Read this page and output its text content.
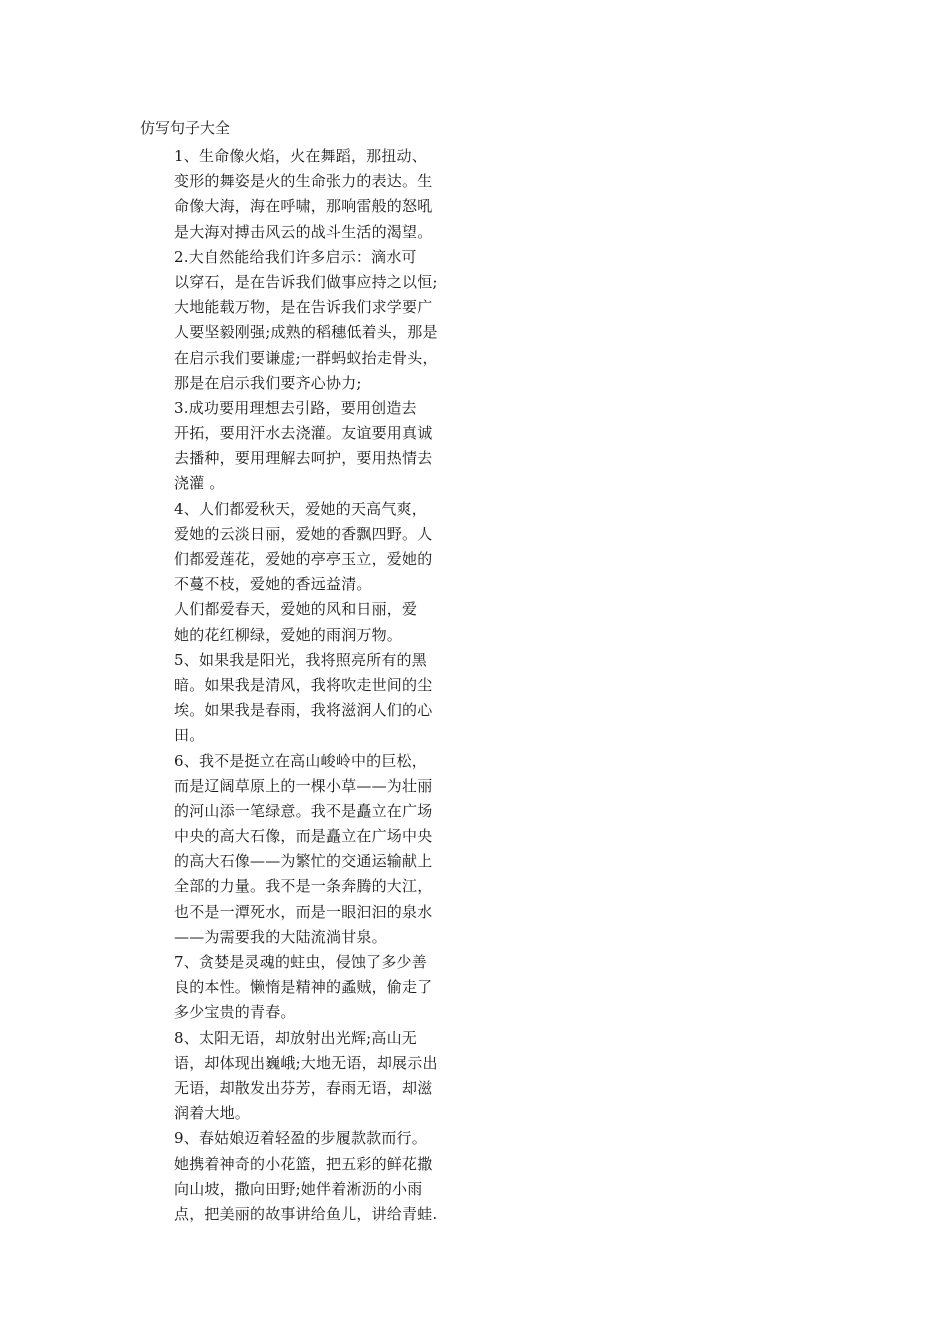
仿写句子大全
1、生命像火焰，火在舞蹈，那扭动、
变形的舞姿是火的生命张力的表达。生
命像大海，海在呼啸，那响雷般的怒吼
是大海对搏击风云的战斗生活的渴望。
2.大自然能给我们许多启示：滴水可
以穿石，是在告诉我们做事应持之以恒;
大地能载万物，是在告诉我们求学要广
人要坚毅刚强;成熟的稻穗低着头，那是
在启示我们要谦虚;一群蚂蚁抬走骨头，
那是在启示我们要齐心协力;
3.成功要用理想去引路，要用创造去
开拓，要用汗水去浇灌。友谊要用真诚
去播种，要用理解去呵护，要用热情去
浇灌 。
4、人们都爱秋天，爱她的天高气爽，
爱她的云淡日丽，爱她的香飘四野。人
们都爱莲花，爱她的亭亭玉立，爱她的
不蔓不枝，爱她的香远益清。
人们都爱春天，爱她的风和日丽，爱
她的花红柳绿，爱她的雨润万物。
5、如果我是阳光，我将照亮所有的黑
暗。如果我是清风，我将吹走世间的尘
埃。如果我是春雨，我将滋润人们的心
田。
6、我不是挺立在高山峻岭中的巨松，
而是辽阔草原上的一棵小草——为壮丽
的河山添一笔绿意。我不是矗立在广场
中央的高大石像，而是矗立在广场中央
的高大石像——为繁忙的交通运输献上
全部的力量。我不是一条奔腾的大江，
也不是一潭死水，而是一眼汩汩的泉水
——为需要我的大陆流淌甘泉。
7、贪婪是灵魂的蛀虫，侵蚀了多少善
良的本性。懒惰是精神的蟊贼，偷走了
多少宝贵的青春。
8、太阳无语，却放射出光辉;高山无
语，却体现出巍峨;大地无语，却展示出
无语，却散发出芬芳，春雨无语，却滋
润着大地。
9、春姑娘迈着轻盈的步履款款而行。
她携着神奇的小花篮，把五彩的鲜花撒
向山坡，撒向田野;她伴着淅沥的小雨
点，把美丽的故事讲给鱼儿，讲给青蛙.
